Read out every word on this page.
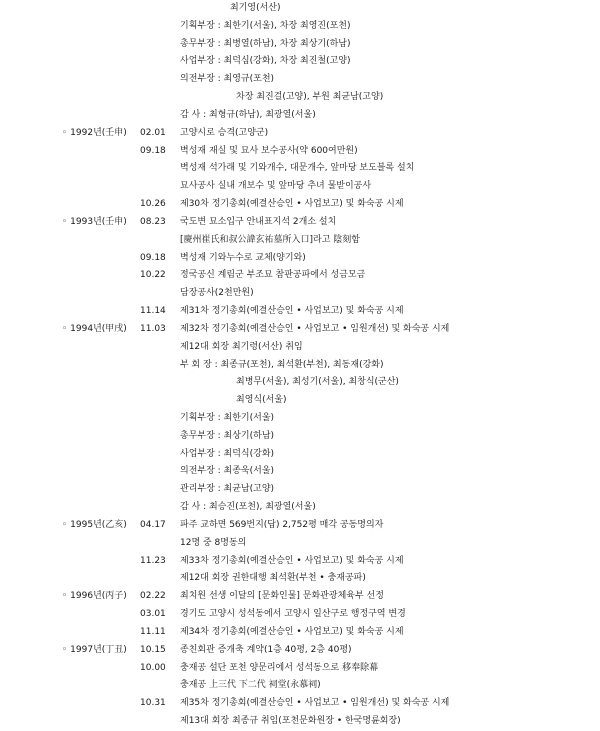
최기영(서산)
기획부장 : 최한기(서울), 차장 최영진(포천)
총무부장 : 최병열(하남), 차장 최상기(하남)
사업부장 : 최덕심(강화), 차장 최진철(고양)
의전부장 : 최영규(포천)
차장 최진걸(고양), 부원 최균남(고양)
감 사 : 최형규(하남), 최광열(서울)
◦ 1992년(壬申) 02.01 고양시로 승격(고양군)
09.18 벽성재 재실 및 묘사 보수공사(약 600여만원)
벽성재 석가래 및 기와개수, 대문개수, 앞마당 보도블록 설치
묘사공사 실내 개보수 및 앞마당 추녀 물받이공사
10.26 제30차 정기총회(예결산승인 • 사업보고) 및 화숙공 시제
◦ 1993년(壬申) 08.23 국도변 묘소입구 안내표지석 2개소 설치
[慶州崔氏和叔公諱玄祐墓所入口]라고 陰刻함
09.18 벽성재 기와누수로 교체(양기와)
10.22 정국공신 계림군 부조묘 참판공파에서 성금모금
담장공사(2천만원)
11.14 제31차 정기총회(예결산승인 • 사업보고) 및 화숙공 시제
◦ 1994년(甲戌) 11.03 제32차 정기총회(예결산승인 • 사업보고 • 임원개선) 및 화숙공 시제
제12대 회장 최기령(서산) 취임
부 회 장 : 최종규(포천), 최석환(부천), 최동재(강화)
최병무(서울), 최성기(서울), 최창식(군산)
최영식(서울)
기획부장 : 최한기(서울)
총무부장 : 최상기(하남)
사업부장 : 최덕식(강화)
의전부장 : 최종욱(서울)
관리부장 : 최균남(고양)
감 사 : 최승진(포천), 최광열(서울)
◦ 1995년(乙亥) 04.17 파주 교하면 569번지(답) 2,752평 매각 공동명의자
12명 중 8명동의
11.23 제33차 정기총회(예결산승인 • 사업보고) 및 화숙공 시제
제12대 회장 권한대행 최석환(부천 • 충재공파)
◦ 1996년(丙子) 02.22 최치원 선생 이달의 [문화인물] 문화관광체육부 선정
03.01 경기도 고양시 성석동에서 고양시 일산구로 행정구역 변경
11.11 제34차 정기총회(예결산승인 • 사업보고) 및 화숙공 시제
◦ 1997년(丁丑) 10.15 종친회관 증개축 계약(1층 40평, 2층 40평)
10.00 충재공 설단 포천 양문리에서 성석동으로 移奉除幕
충재공 上三代 下二代 祠堂(永慕祠)
10.31 제35차 정기총회(예결산승인 • 사업보고 • 임원개선) 및 화숙공 시제
제13대 회장 최종규 취임(포천문화원장 • 한국명륜회장)
